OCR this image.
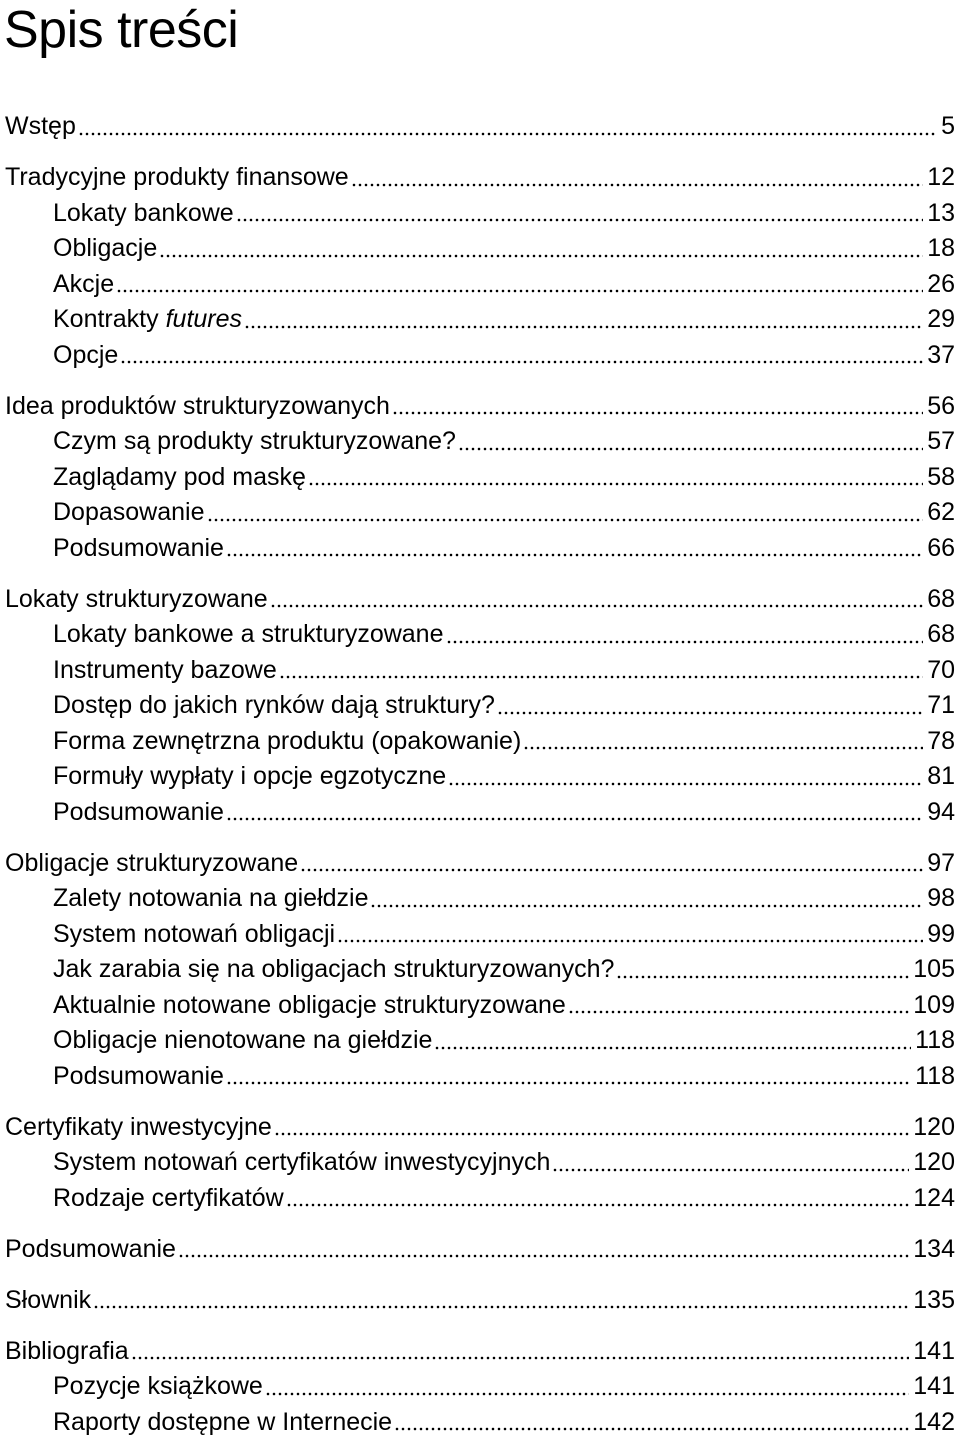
Spis treści
Wstęp	5
Tradycyjne produkty finansowe	12
Lokaty bankowe	13
Obligacje	18
Akcje	26
Kontrakty futures	29
Opcje	37
Idea produktów strukturyzowanych	56
Czym są produkty strukturyzowane?	57
Zaglądamy pod maskę	58
Dopasowanie	62
Podsumowanie	66
Lokaty strukturyzowane	68
Lokaty bankowe a strukturyzowane	68
Instrumenty bazowe	70
Dostęp do jakich rynków dają struktury?	71
Forma zewnętrzna produktu (opakowanie)	78
Formuły wypłaty i opcje egzotyczne	81
Podsumowanie	94
Obligacje strukturyzowane	97
Zalety notowania na giełdzie	98
System notowań obligacji	99
Jak zarabia się na obligacjach strukturyzowanych?	105
Aktualnie notowane obligacje strukturyzowane	109
Obligacje nienotowane na giełdzie	118
Podsumowanie	118
Certyfikaty inwestycyjne	120
System notowań certyfikatów inwestycyjnych	120
Rodzaje certyfikatów	124
Podsumowanie	134
Słownik	135
Bibliografia	141
Pozycje książkowe	141
Raporty dostępne w Internecie	142
